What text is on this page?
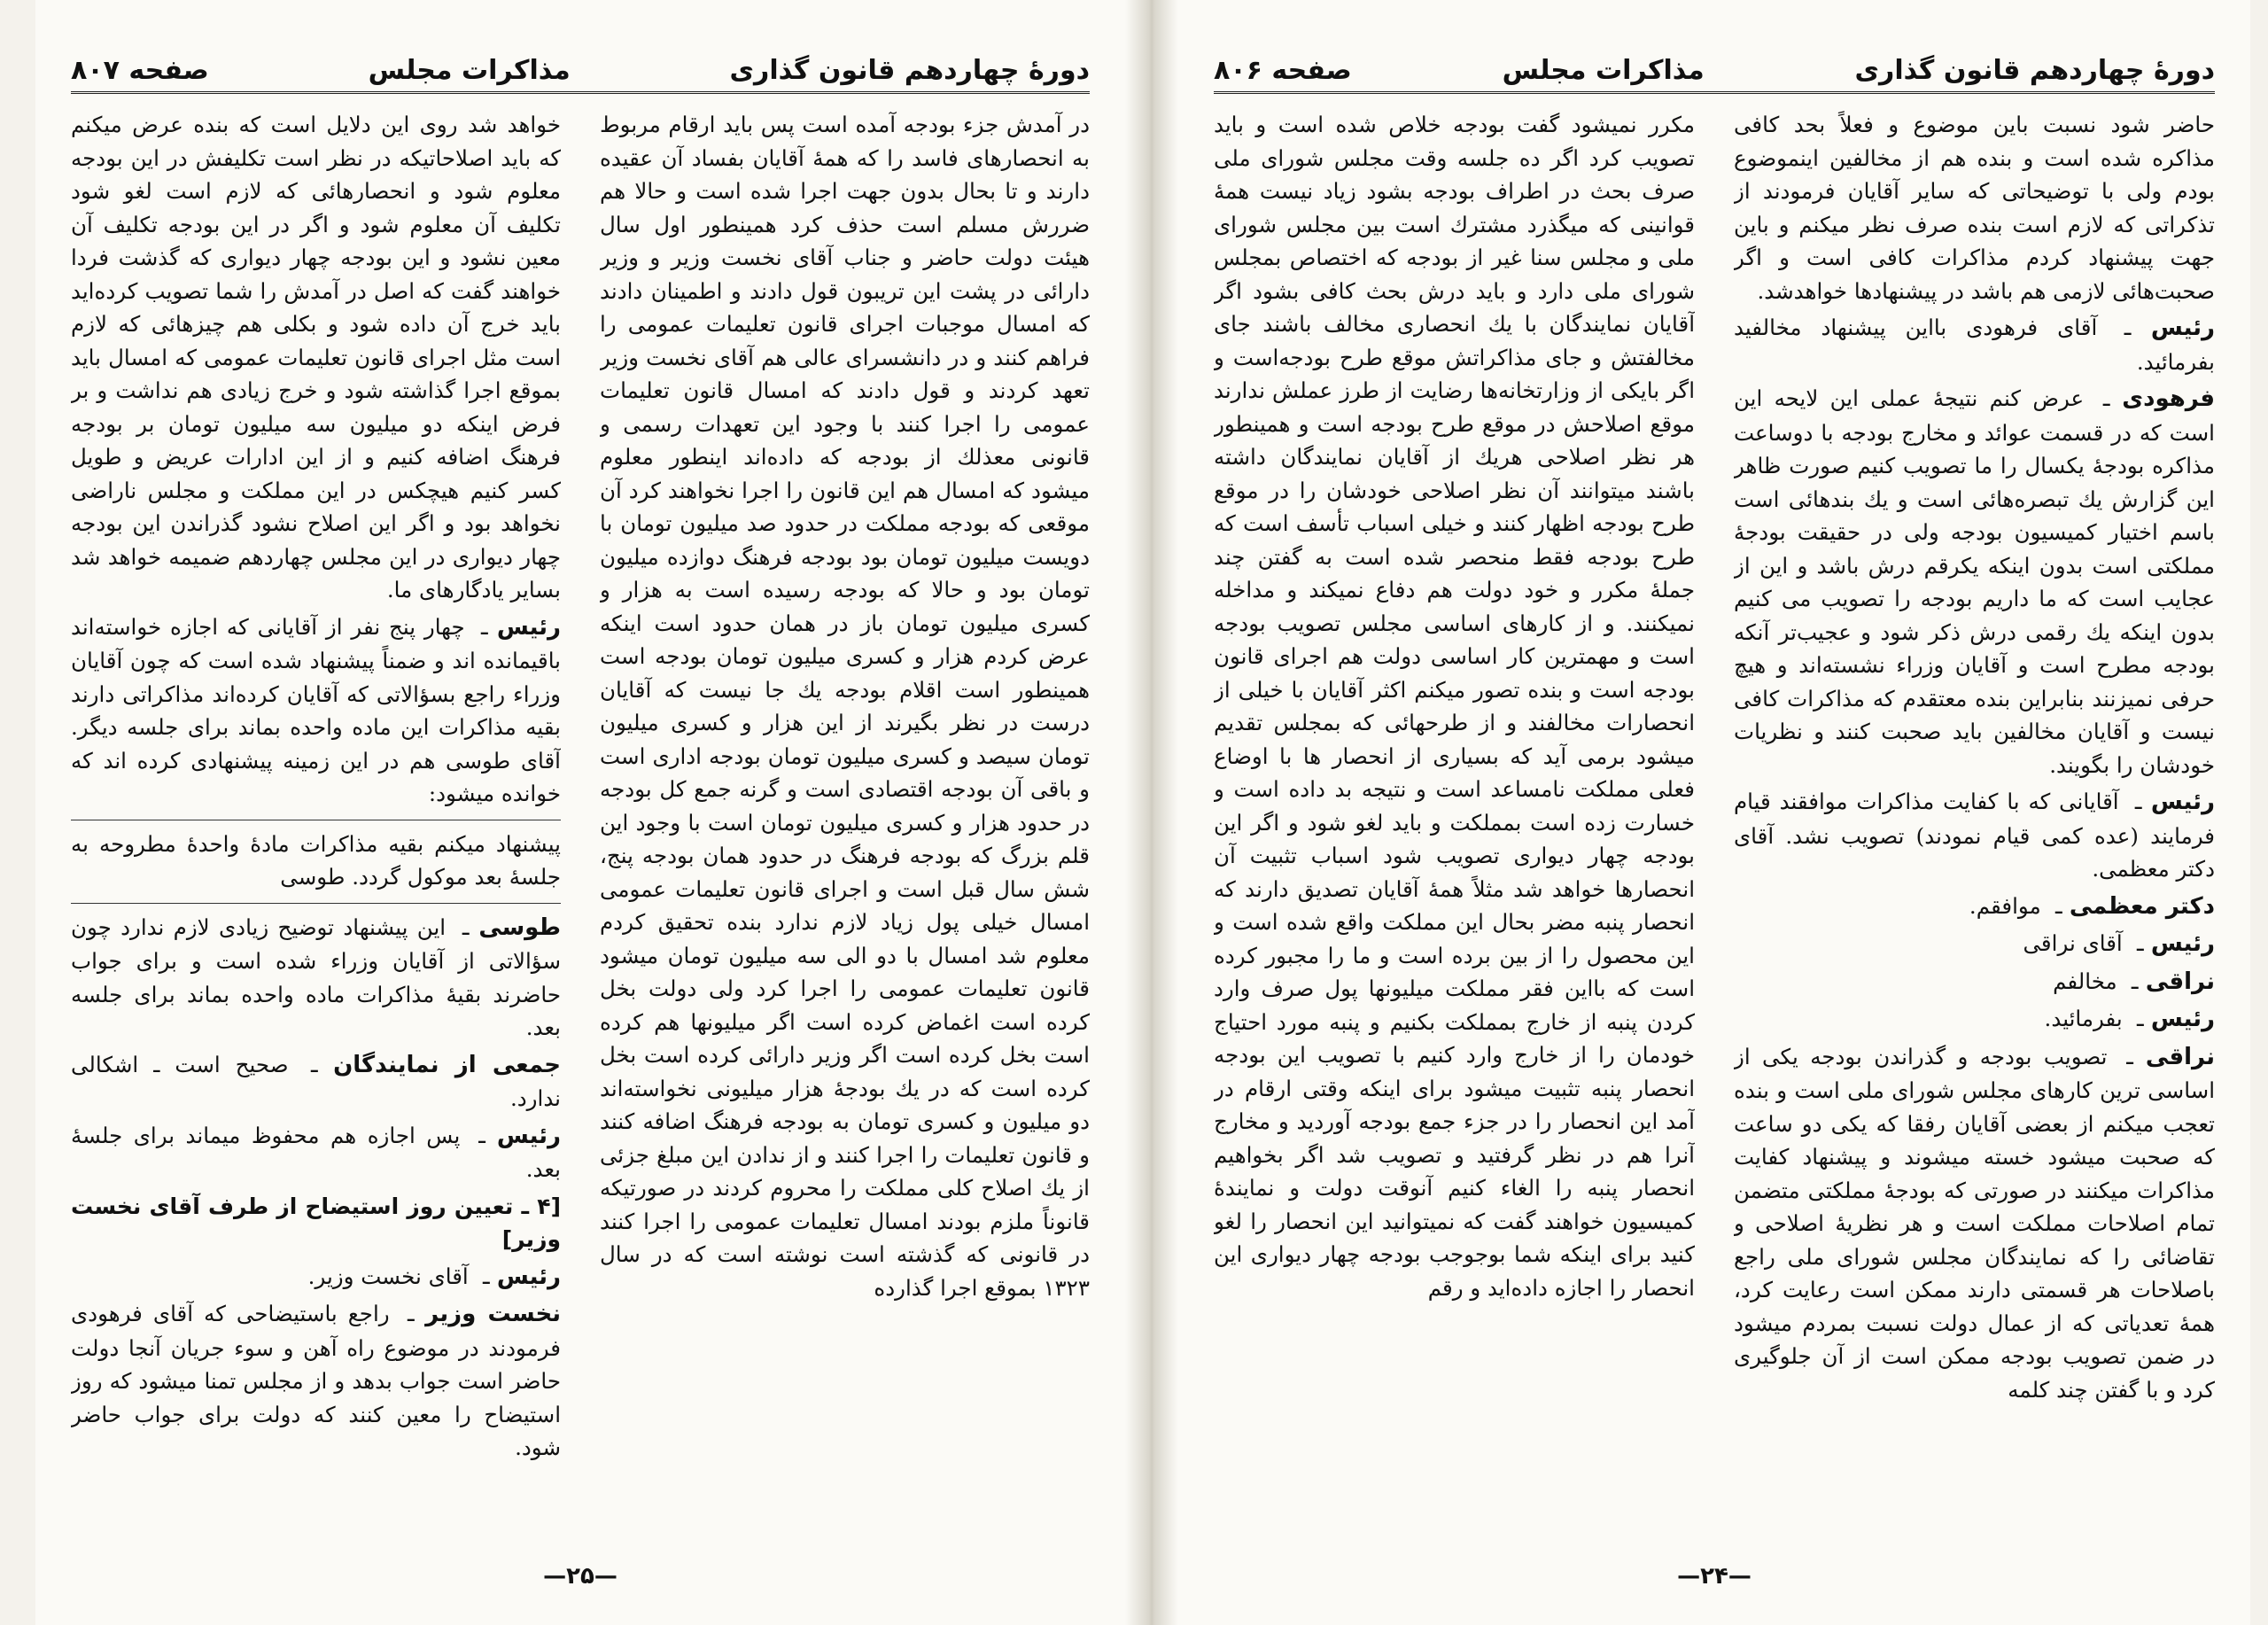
دورهٔ چهاردهم قانون گذاری
مذاکرات مجلس
صفحه ۸۰۷

در آمدش جزء بودجه آمده است پس باید ارقام مربوط به انحصارهای فاسد را که همهٔ آقایان بفساد آن عقیده دارند و تا بحال بدون جهت اجرا شده است و حالا هم ضررش مسلم است حذف کرد همینطور اول سال هیئت دولت حاضر و جناب آقای نخست وزیر و وزیر دارائی در پشت این تریبون قول دادند و اطمینان دادند که امسال موجبات اجرای قانون تعلیمات عمومی را فراهم کنند و در دانشسرای عالی هم آقای نخست وزیر تعهد کردند و قول دادند که امسال قانون تعلیمات عمومی را اجرا کنند با وجود این تعهدات رسمی و قانونی معذلك از بودجه که داده‌اند اینطور معلوم میشود که امسال هم این قانون را اجرا نخواهند کرد آن موقعی که بودجه مملکت در حدود صد میلیون تومان با دویست میلیون تومان بود بودجه فرهنگ دوازده میلیون تومان بود و حالا که بودجه رسیده است به هزار و کسری میلیون تومان باز در همان حدود است اینکه عرض کردم هزار و کسری میلیون تومان بودجه است همینطور است اقلام بودجه یك جا نیست که آقایان درست در نظر بگیرند از این هزار و کسری میلیون تومان سیصد و کسری میلیون تومان بودجه اداری است و باقی آن بودجه اقتصادی است و گرنه جمع کل بودجه در حدود هزار و کسری میلیون تومان است با وجود این قلم بزرگ که بودجه فرهنگ در حدود همان بودجه پنج، شش سال قبل است و اجرای قانون تعلیمات عمومی امسال خیلی پول زیاد لازم ندارد بنده تحقیق کردم معلوم شد امسال با دو الی سه میلیون تومان میشود قانون تعلیمات عمومی را اجرا کرد ولی دولت بخل کرده است اغماض کرده است اگر میلیونها هم کرده است بخل کرده است اگر وزیر دارائی کرده است بخل کرده است که در یك بودجهٔ هزار میلیونی نخواسته‌اند دو میلیون و کسری تومان به بودجه فرهنگ اضافه کنند و قانون تعلیمات را اجرا کنند و از ندادن این مبلغ جزئی از یك اصلاح کلی مملکت را محروم کردند در صورتیکه قانوناً ملزم بودند امسال تعلیمات عمومی را اجرا کنند در قانونی که گذشته است نوشته است که در سال ۱۳۲۳ بموقع اجرا گذارده

خواهد شد روی این دلایل است که بنده عرض میکنم که باید اصلاحاتیکه در نظر است تکلیفش در این بودجه معلوم شود و انحصارهائی که لازم است لغو شود تکلیف آن معلوم شود و اگر در این بودجه تکلیف آن معین نشود و این بودجه چهار دیواری که گذشت فردا خواهند گفت که اصل در آمدش را شما تصویب کرده‌اید باید خرج آن داده شود و بکلی هم چیزهائی که لازم است مثل اجرای قانون تعلیمات عمومی که امسال باید بموقع اجرا گذاشته شود و خرج زیادی هم نداشت و بر فرض اینکه دو میلیون سه میلیون تومان بر بودجه فرهنگ اضافه کنیم و از این ادارات عریض و طویل کسر کنیم هیچکس در این مملکت و مجلس ناراضی نخواهد بود و اگر این اصلاح نشود گذراندن این بودجه چهار دیواری در این مجلس چهاردهم ضمیمه خواهد شد بسایر یادگارهای ما.

رئیس ـ چهار پنج نفر از آقایانی که اجازه خواسته‌اند باقیمانده اند و ضمناً پیشنهاد شده است که چون آقایان وزراء راجع بسؤالاتی که آقایان کرده‌اند مذاکراتی دارند بقیه مذاکرات این ماده واحده بماند برای جلسه دیگر. آقای طوسی هم در این زمینه پیشنهادی کرده اند که خوانده میشود:

پیشنهاد میکنم بقیه مذاکرات مادهٔ واحدهٔ مطروحه به جلسهٔ بعد موکول گردد. طوسی

طوسی ـ این پیشنهاد توضیح زیادی لازم ندارد چون سؤالاتی از آقایان وزراء شده است و برای جواب حاضرند بقیهٔ مذاکرات ماده واحده بماند برای جلسه بعد.

جمعی از نمایندگان ـ صحیح است ـ اشکالی ندارد.

رئیس ـ پس اجازه هم محفوظ میماند برای جلسهٔ بعد.

[۴ ـ تعیین روز استیضاح از طرف آقای نخست وزیر]

رئیس ـ آقای نخست وزیر.

نخست وزیر ـ راجع باستیضاحی که آقای فرهودی فرمودند در موضوع راه آهن و سوء جریان آنجا دولت حاضر است جواب بدهد و از مجلس تمنا میشود که روز استیضاح را معین کنند که دولت برای جواب حاضر شود.

—۲۵—
دورهٔ چهاردهم قانون گذاری
مذاکرات مجلس
صفحه ۸۰۶

حاضر شود نسبت باین موضوع و فعلاً بحد کافی مذاکره شده است و بنده هم از مخالفین اینموضوع بودم ولی با توضیحاتی که سایر آقایان فرمودند از تذکراتی که لازم است بنده صرف نظر میکنم و باین جهت پیشنهاد کردم مذاکرات کافی است و اگر صحبت‌هائی لازمی هم باشد در پیشنهادها خواهدشد.

رئیس ـ آقای فرهودی بااین پیشنهاد مخالفید بفرمائید.

فرهودی ـ عرض کنم نتیجهٔ عملی این لایحه این است که در قسمت عوائد و مخارج بودجه با دوساعت مذاکره بودجهٔ یکسال را ما تصویب کنیم صورت ظاهر این گزارش یك تبصره‌هائی است و یك بندهائی است باسم اختیار کمیسیون بودجه ولی در حقیقت بودجهٔ مملکتی است بدون اینکه یکرقم درش باشد و این از عجایب است که ما داریم بودجه را تصویب می کنیم بدون اینکه یك رقمی درش ذکر شود و عجیب‌تر آنکه بودجه مطرح است و آقایان وزراء نشسته‌اند و هیچ حرفی نمیزنند بنابراین بنده معتقدم که مذاکرات کافی نیست و آقایان مخالفین باید صحبت کنند و نظریات خودشان را بگویند.

رئیس ـ آقایانی که با کفایت مذاکرات موافقند قیام فرمایند (عده کمی قیام نمودند) تصویب نشد. آقای دکتر معظمی.

دکتر معظمی ـ موافقم.

رئیس ـ آقای نراقی

نراقی ـ مخالفم

رئیس ـ بفرمائید.

نراقی ـ تصویب بودجه و گذراندن بودجه یکی از اساسی ترین کارهای مجلس شورای ملی است و بنده تعجب میکنم از بعضی آقایان رفقا که یکی دو ساعت که صحبت میشود خسته میشوند و پیشنهاد کفایت مذاکرات میکنند در صورتی که بودجهٔ مملکتی متضمن تمام اصلاحات مملکت است و هر نظریهٔ اصلاحی و تقاضائی را که نمایندگان مجلس شورای ملی راجع باصلاحات هر قسمتی دارند ممکن است رعایت کرد، همهٔ تعدیاتی که از عمال دولت نسبت بمردم میشود در ضمن تصویب بودجه ممکن است از آن جلوگیری کرد و با گفتن چند کلمه

مکرر نمیشود گفت بودجه خلاص شده است و باید تصویب کرد اگر ده جلسه وقت مجلس شورای ملی صرف بحث در اطراف بودجه بشود زیاد نیست همهٔ قوانینی که میگذرد مشترك است بین مجلس شورای ملی و مجلس سنا غیر از بودجه که اختصاص بمجلس شورای ملی دارد و باید درش بحث کافی بشود اگر آقایان نمایندگان با یك انحصاری مخالف باشند جای مخالفتش و جای مذاکراتش موقع طرح بودجه‌است و اگر بایکی از وزارتخانه‌ها رضایت از طرز عملش ندارند موقع اصلاحش در موقع طرح بودجه است و همینطور هر نظر اصلاحی هریك از آقایان نمایندگان داشته باشند میتوانند آن نظر اصلاحی خودشان را در موقع طرح بودجه اظهار کنند و خیلی اسباب تأسف است که طرح بودجه فقط منحصر شده است به گفتن چند جملهٔ مکرر و خود دولت هم دفاع نمیکند و مداخله نمیکنند. و از کارهای اساسی مجلس تصویب بودجه است و مهمترین کار اساسی دولت هم اجرای قانون بودجه است و بنده تصور میکنم اکثر آقایان با خیلی از انحصارات مخالفند و از طرحهائی که بمجلس تقدیم میشود برمی آید که بسیاری از انحصار ها با اوضاع فعلی مملکت نامساعد است و نتیجه بد داده است و خسارت زده است بمملکت و باید لغو شود و اگر این بودجه چهار دیواری تصویب شود اسباب تثبیت آن انحصارها خواهد شد مثلاً همهٔ آقایان تصدیق دارند که انحصار پنبه مضر بحال این مملکت واقع شده است و این محصول را از بین برده است و ما را مجبور کرده است که بااین فقر مملکت میلیونها پول صرف وارد کردن پنبه از خارج بمملکت بکنیم و پنبه مورد احتیاج خودمان را از خارج وارد کنیم با تصویب این بودجه انحصار پنبه تثبیت میشود برای اینکه وقتی ارقام در آمد این انحصار را در جزء جمع بودجه آوردید و مخارج آنرا هم در نظر گرفتید و تصویب شد اگر بخواهیم انحصار پنبه را الغاء کنیم آنوقت دولت و نمایندهٔ کمیسیون خواهند گفت که نمیتوانید این انحصار را لغو کنید برای اینکه شما بوجوجب بودجه چهار دیواری این انحصار را اجازه داده‌اید و رقم

—۲۴—
